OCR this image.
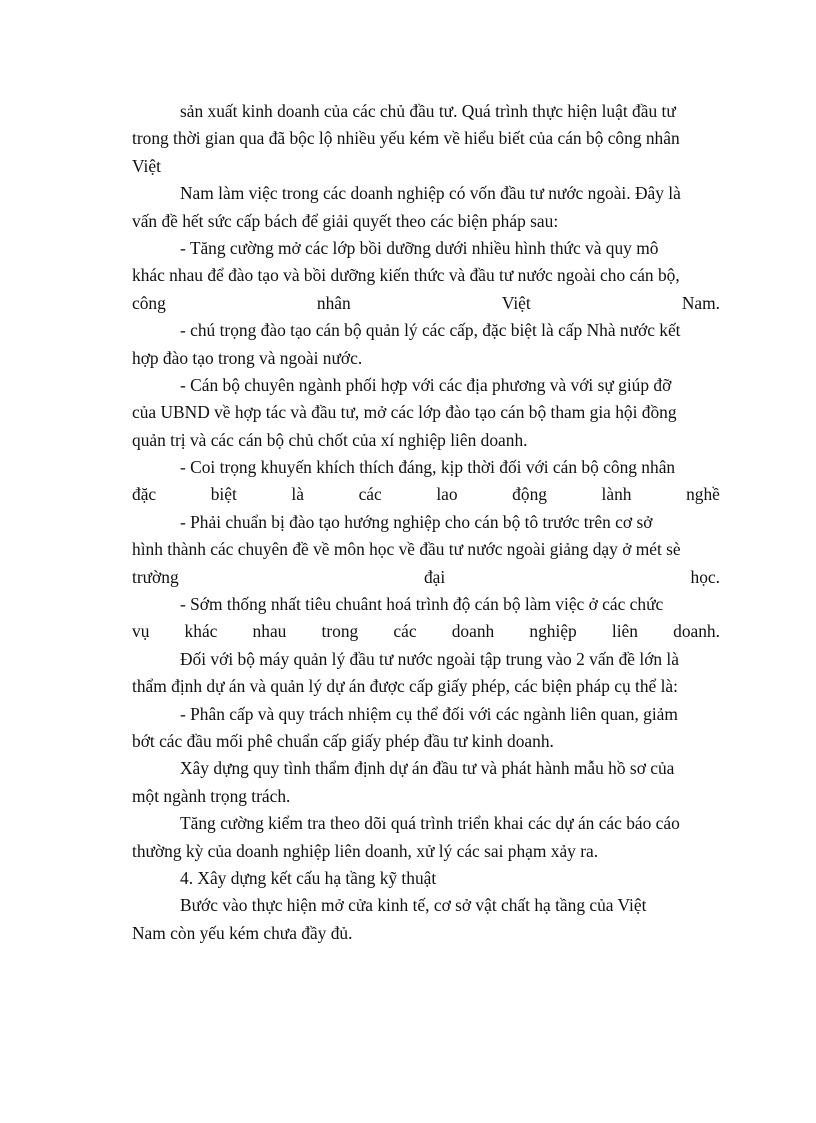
sản xuất kinh doanh của các chủ đầu tư. Quá trình thực hiện luật đầu tư
trong thời gian qua đã bộc lộ nhiều yếu kém về hiểu biết của cán bộ công nhân
Việt
Nam làm việc trong các doanh nghiệp có vốn đầu tư nước ngoài. Đây là
vấn đề hết sức cấp bách để giải quyết theo các biện pháp sau:
- Tăng cường mở các lớp bồi dưỡng dưới nhiều hình thức và quy mô
khác nhau để đào tạo và bồi dưỡng kiến thức và đầu tư nước ngoài cho cán bộ,
công	nhân	Việt	Nam.
- chú trọng đào tạo cán bộ quản lý các cấp, đặc biệt là cấp Nhà nước kết
hợp đào tạo trong và ngoài nước.
- Cán bộ chuyên ngành phối hợp với các địa phương và với sự giúp đỡ
của UBND về hợp tác và đầu tư, mở các lớp đào tạo cán bộ tham gia hội đồng
quản trị và các cán bộ chủ chốt của xí nghiệp liên doanh.
- Coi trọng khuyến khích thích đáng, kịp thời đối với cán bộ công nhân
đặc	biệt	là	các	lao	động	lành	nghề
- Phải chuẩn bị đào tạo hướng nghiệp cho cán bộ tô trước trên cơ sở
hình thành các chuyên đề về môn học về đầu tư nước ngoài giảng dạy ở mét sè
trường	đại	học.
- Sớm thống nhất tiêu chuânt hoá trình độ cán bộ làm việc ở các chức
vụ khác nhau trong các doanh nghiệp liên doanh.
Đối với bộ máy quản lý đầu tư nước ngoài tập trung vào 2 vấn đề lớn là
thẩm định dự án và quản lý dự án được cấp giấy phép, các biện pháp cụ thể là:
- Phân cấp và quy trách nhiệm cụ thể đối với các ngành liên quan, giảm
bớt các đầu mối phê chuẩn cấp giấy phép đầu tư kinh doanh.
Xây dựng quy tình thẩm định dự án đầu tư và phát hành mẫu hồ sơ của
một ngành trọng trách.
Tăng cường kiểm tra theo dõi quá trình triển khai các dự án các báo cáo
thường kỳ của doanh nghiệp liên doanh, xử lý các sai phạm xảy ra.
4. Xây dựng kết cấu hạ tầng kỹ thuật
Bước vào thực hiện mở cửa kinh tế, cơ sở vật chất hạ tầng của Việt
Nam còn yếu kém chưa đầy đủ.
